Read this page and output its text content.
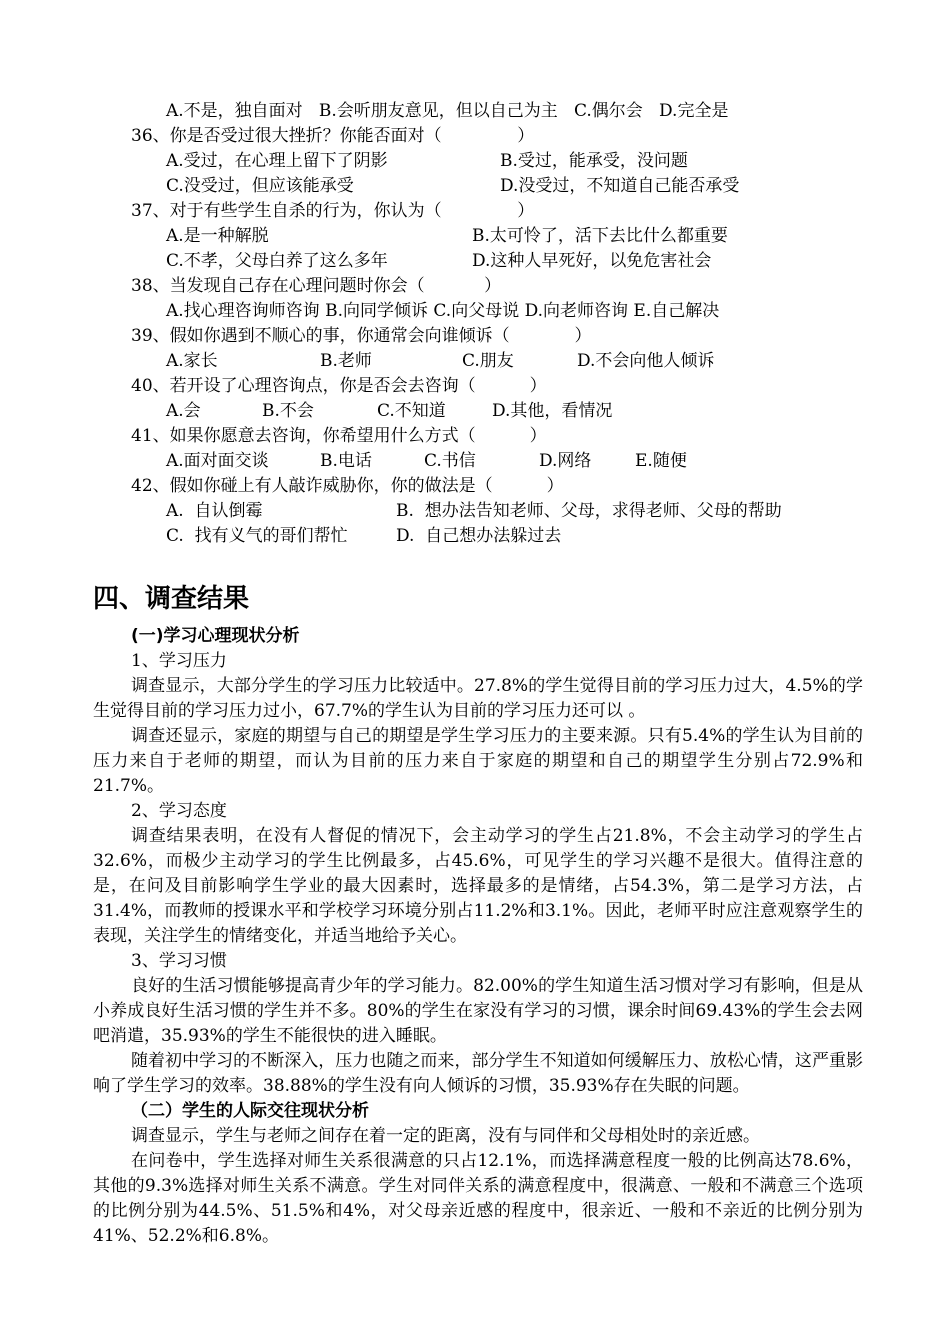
A.不是，独自面对   B.会听朋友意见，但以自己为主   C.偶尔会   D.完全是
36、你是否受过很大挫折？你能否面对（              ）
A.受过，在心理上留下了阴影	B.受过，能承受，没问题
C.没受过，但应该能承受	D.没受过，不知道自己能否承受
37、对于有些学生自杀的行为，你认为（              ）
A.是一种解脱	B.太可怜了，活下去比什么都重要
C.不孝，父母白养了这么多年	D.这种人早死好，以免危害社会
38、当发现自己存在心理问题时你会（           ）
A.找心理咨询师咨询 B.向同学倾诉 C.向父母说 D.向老师咨询 E.自己解决
39、假如你遇到不顺心的事，你通常会向谁倾诉（            ）
A.家长	B.老师	C.朋友	D.不会向他人倾诉
40、若开设了心理咨询点，你是否会去咨询（          ）
A.会	B.不会	C.不知道	D.其他，看情况
41、如果你愿意去咨询，你希望用什么方式（          ）
A.面对面交谈	B.电话	C.书信	D.网络	E.随便
42、假如你碰上有人敲诈威胁你，你的做法是（          ）
A.  自认倒霉	B.  想办法告知老师、父母，求得老师、父母的帮助
C.  找有义气的哥们帮忙	D.  自己想办法躲过去
四、调查结果
(一)学习心理现状分析
1、学习压力
调查显示，大部分学生的学习压力比较适中。27.8%的学生觉得目前的学习压力过大，4.5%的学生觉得目前的学习压力过小，67.7%的学生认为目前的学习压力还可以 。
调查还显示，家庭的期望与自己的期望是学生学习压力的主要来源。只有5.4%的学生认为目前的压力来自于老师的期望，而认为目前的压力来自于家庭的期望和自己的期望学生分别占72.9%和21.7%。
2、学习态度
调查结果表明，在没有人督促的情况下，会主动学习的学生占21.8%，不会主动学习的学生占32.6%，而极少主动学习的学生比例最多，占45.6%，可见学生的学习兴趣不是很大。值得注意的是，在问及目前影响学生学业的最大因素时，选择最多的是情绪，占54.3%，第二是学习方法，占31.4%，而教师的授课水平和学校学习环境分别占11.2%和3.1%。因此，老师平时应注意观察学生的表现，关注学生的情绪变化，并适当地给予关心。
3、学习习惯
良好的生活习惯能够提高青少年的学习能力。82.00%的学生知道生活习惯对学习有影响，但是从小养成良好生活习惯的学生并不多。80%的学生在家没有学习的习惯，课余时间69.43%的学生会去网吧消遣，35.93%的学生不能很快的进入睡眠。
随着初中学习的不断深入，压力也随之而来，部分学生不知道如何缓解压力、放松心情，这严重影响了学生学习的效率。38.88%的学生没有向人倾诉的习惯，35.93%存在失眠的问题。
（二）学生的人际交往现状分析
调查显示，学生与老师之间存在着一定的距离，没有与同伴和父母相处时的亲近感。
在问卷中，学生选择对师生关系很满意的只占12.1%，而选择满意程度一般的比例高达78.6%，其他的9.3%选择对师生关系不满意。学生对同伴关系的满意程度中，很满意、一般和不满意三个选项的比例分别为44.5%、51.5%和4%，对父母亲近感的程度中，很亲近、一般和不亲近的比例分别为41%、52.2%和6.8%。
